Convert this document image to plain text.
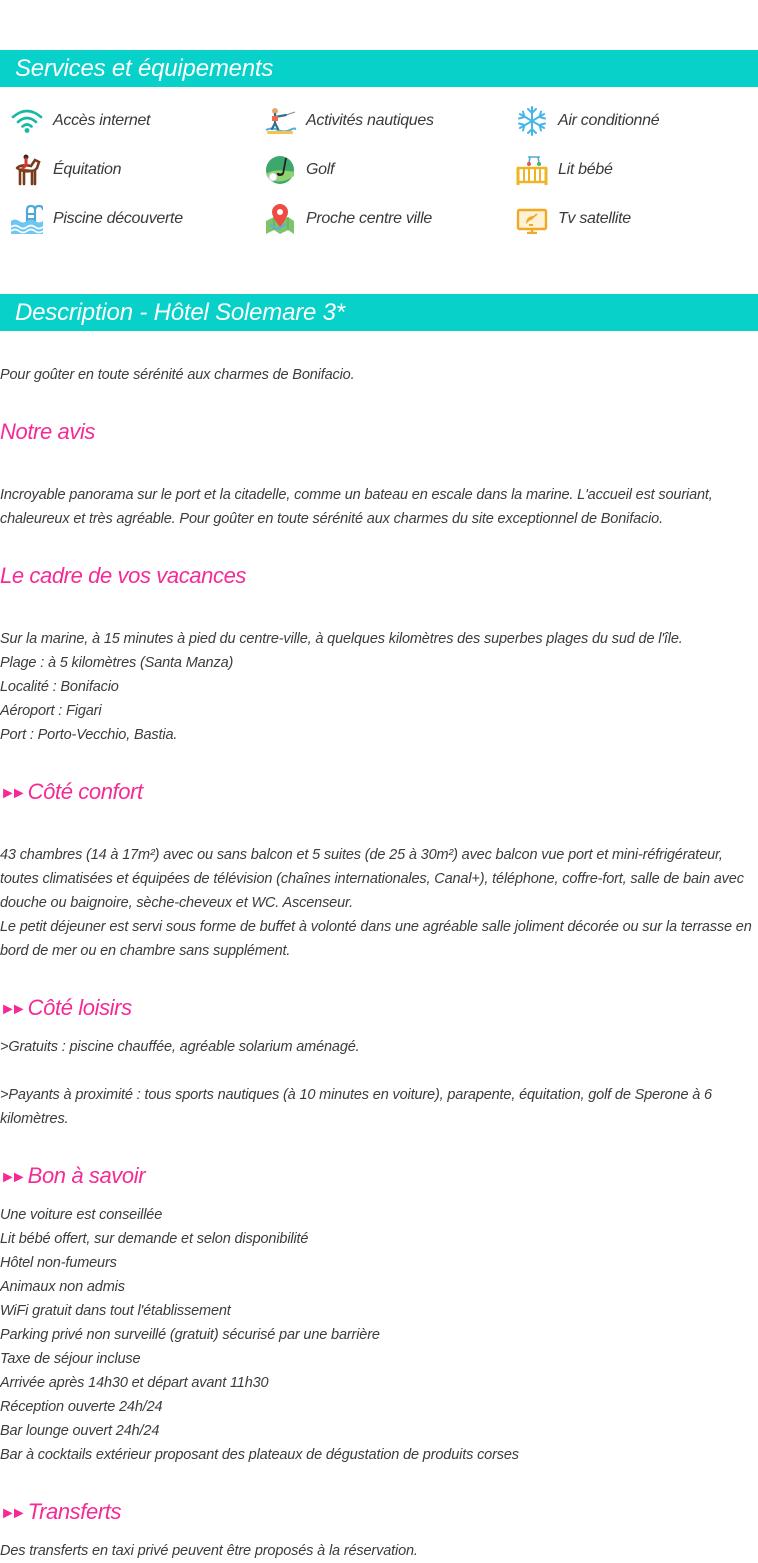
Services et équipements
Accès internet	Activités nautiques	Air conditionné
Équitation	Golf	Lit bébé
Piscine découverte	Proche centre ville	Tv satellite
Description - Hôtel Solemare 3*
Pour goûter en toute sérénité aux charmes de Bonifacio.
Notre avis
Incroyable panorama sur le port et la citadelle, comme un bateau en escale dans la marine. L'accueil est souriant, chaleureux et très agréable. Pour goûter en toute sérénité aux charmes du site exceptionnel de Bonifacio.
Le cadre de vos vacances
Sur la marine, à 15 minutes à pied du centre-ville, à quelques kilomètres des superbes plages du sud de l'île.
Plage : à 5 kilomètres (Santa Manza)
Localité : Bonifacio
Aéroport : Figari
Port : Porto-Vecchio, Bastia.
►► Côté confort
43 chambres (14 à 17m²) avec ou sans balcon et 5 suites (de 25 à 30m²) avec balcon vue port et mini-réfrigérateur, toutes climatisées et équipées de télévision (chaînes internationales, Canal+), téléphone, coffre-fort, salle de bain avec douche ou baignoire, sèche-cheveux et WC. Ascenseur.
Le petit déjeuner est servi sous forme de buffet à volonté dans une agréable salle joliment décorée ou sur la terrasse en bord de mer ou en chambre sans supplément.
►► Côté loisirs
>Gratuits : piscine chauffée, agréable solarium aménagé.
>Payants à proximité : tous sports nautiques (à 10 minutes en voiture), parapente, équitation, golf de Sperone à 6 kilomètres.
►► Bon à savoir
Une voiture est conseillée
Lit bébé offert, sur demande et selon disponibilité
Hôtel non-fumeurs
Animaux non admis
WiFi gratuit dans tout l'établissement
Parking privé non surveillé (gratuit) sécurisé par une barrière
Taxe de séjour incluse
Arrivée après 14h30 et départ avant 11h30
Réception ouverte 24h/24
Bar lounge ouvert 24h/24
Bar à cocktails extérieur proposant des plateaux de dégustation de produits corses
►► Transferts
Des transferts en taxi privé peuvent être proposés à la réservation.
